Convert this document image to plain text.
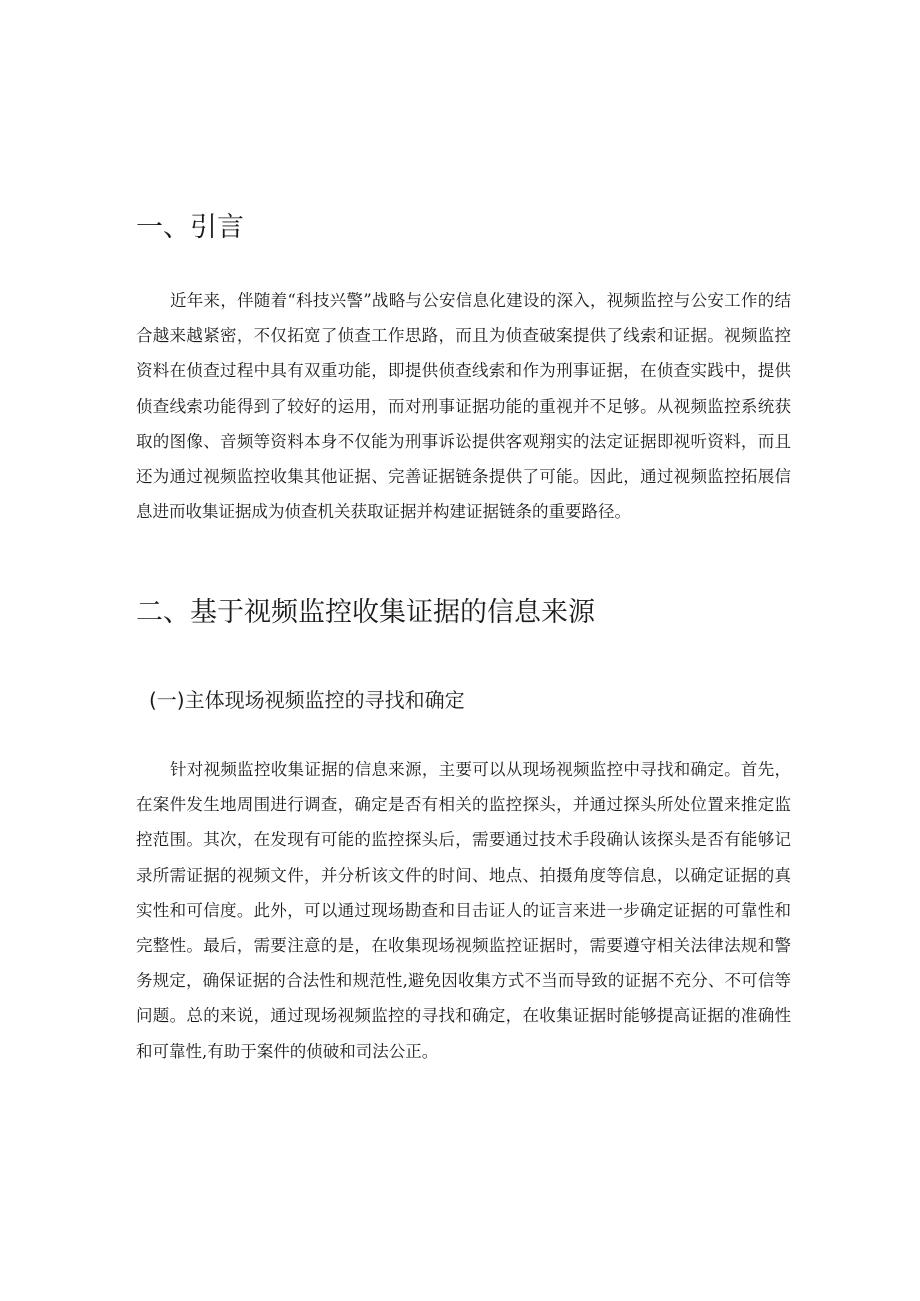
一、引言

近年来，伴随着“科技兴警”战略与公安信息化建设的深入，视频监控与公安工作的结合越来越紧密，不仅拓宽了侦查工作思路，而且为侦查破案提供了线索和证据。视频监控资料在侦查过程中具有双重功能，即提供侦查线索和作为刑事证据，在侦查实践中，提供侦查线索功能得到了较好的运用，而对刑事证据功能的重视并不足够。从视频监控系统获取的图像、音频等资料本身不仅能为刑事诉讼提供客观翔实的法定证据即视听资料，而且还为通过视频监控收集其他证据、完善证据链条提供了可能。因此，通过视频监控拓展信息进而收集证据成为侦查机关获取证据并构建证据链条的重要路径。

二、基于视频监控收集证据的信息来源
(一)主体现场视频监控的寻找和确定

针对视频监控收集证据的信息来源，主要可以从现场视频监控中寻找和确定。首先，在案件发生地周围进行调查，确定是否有相关的监控探头，并通过探头所处位置来推定监控范围。其次，在发现有可能的监控探头后，需要通过技术手段确认该探头是否有能够记录所需证据的视频文件，并分析该文件的时间、地点、拍摄角度等信息，以确定证据的真实性和可信度。此外，可以通过现场勘查和目击证人的证言来进一步确定证据的可靠性和完整性。最后，需要注意的是，在收集现场视频监控证据时，需要遵守相关法律法规和警务规定，确保证据的合法性和规范性,避免因收集方式不当而导致的证据不充分、不可信等问题。总的来说，通过现场视频监控的寻找和确定，在收集证据时能够提高证据的准确性和可靠性,有助于案件的侦破和司法公正。
